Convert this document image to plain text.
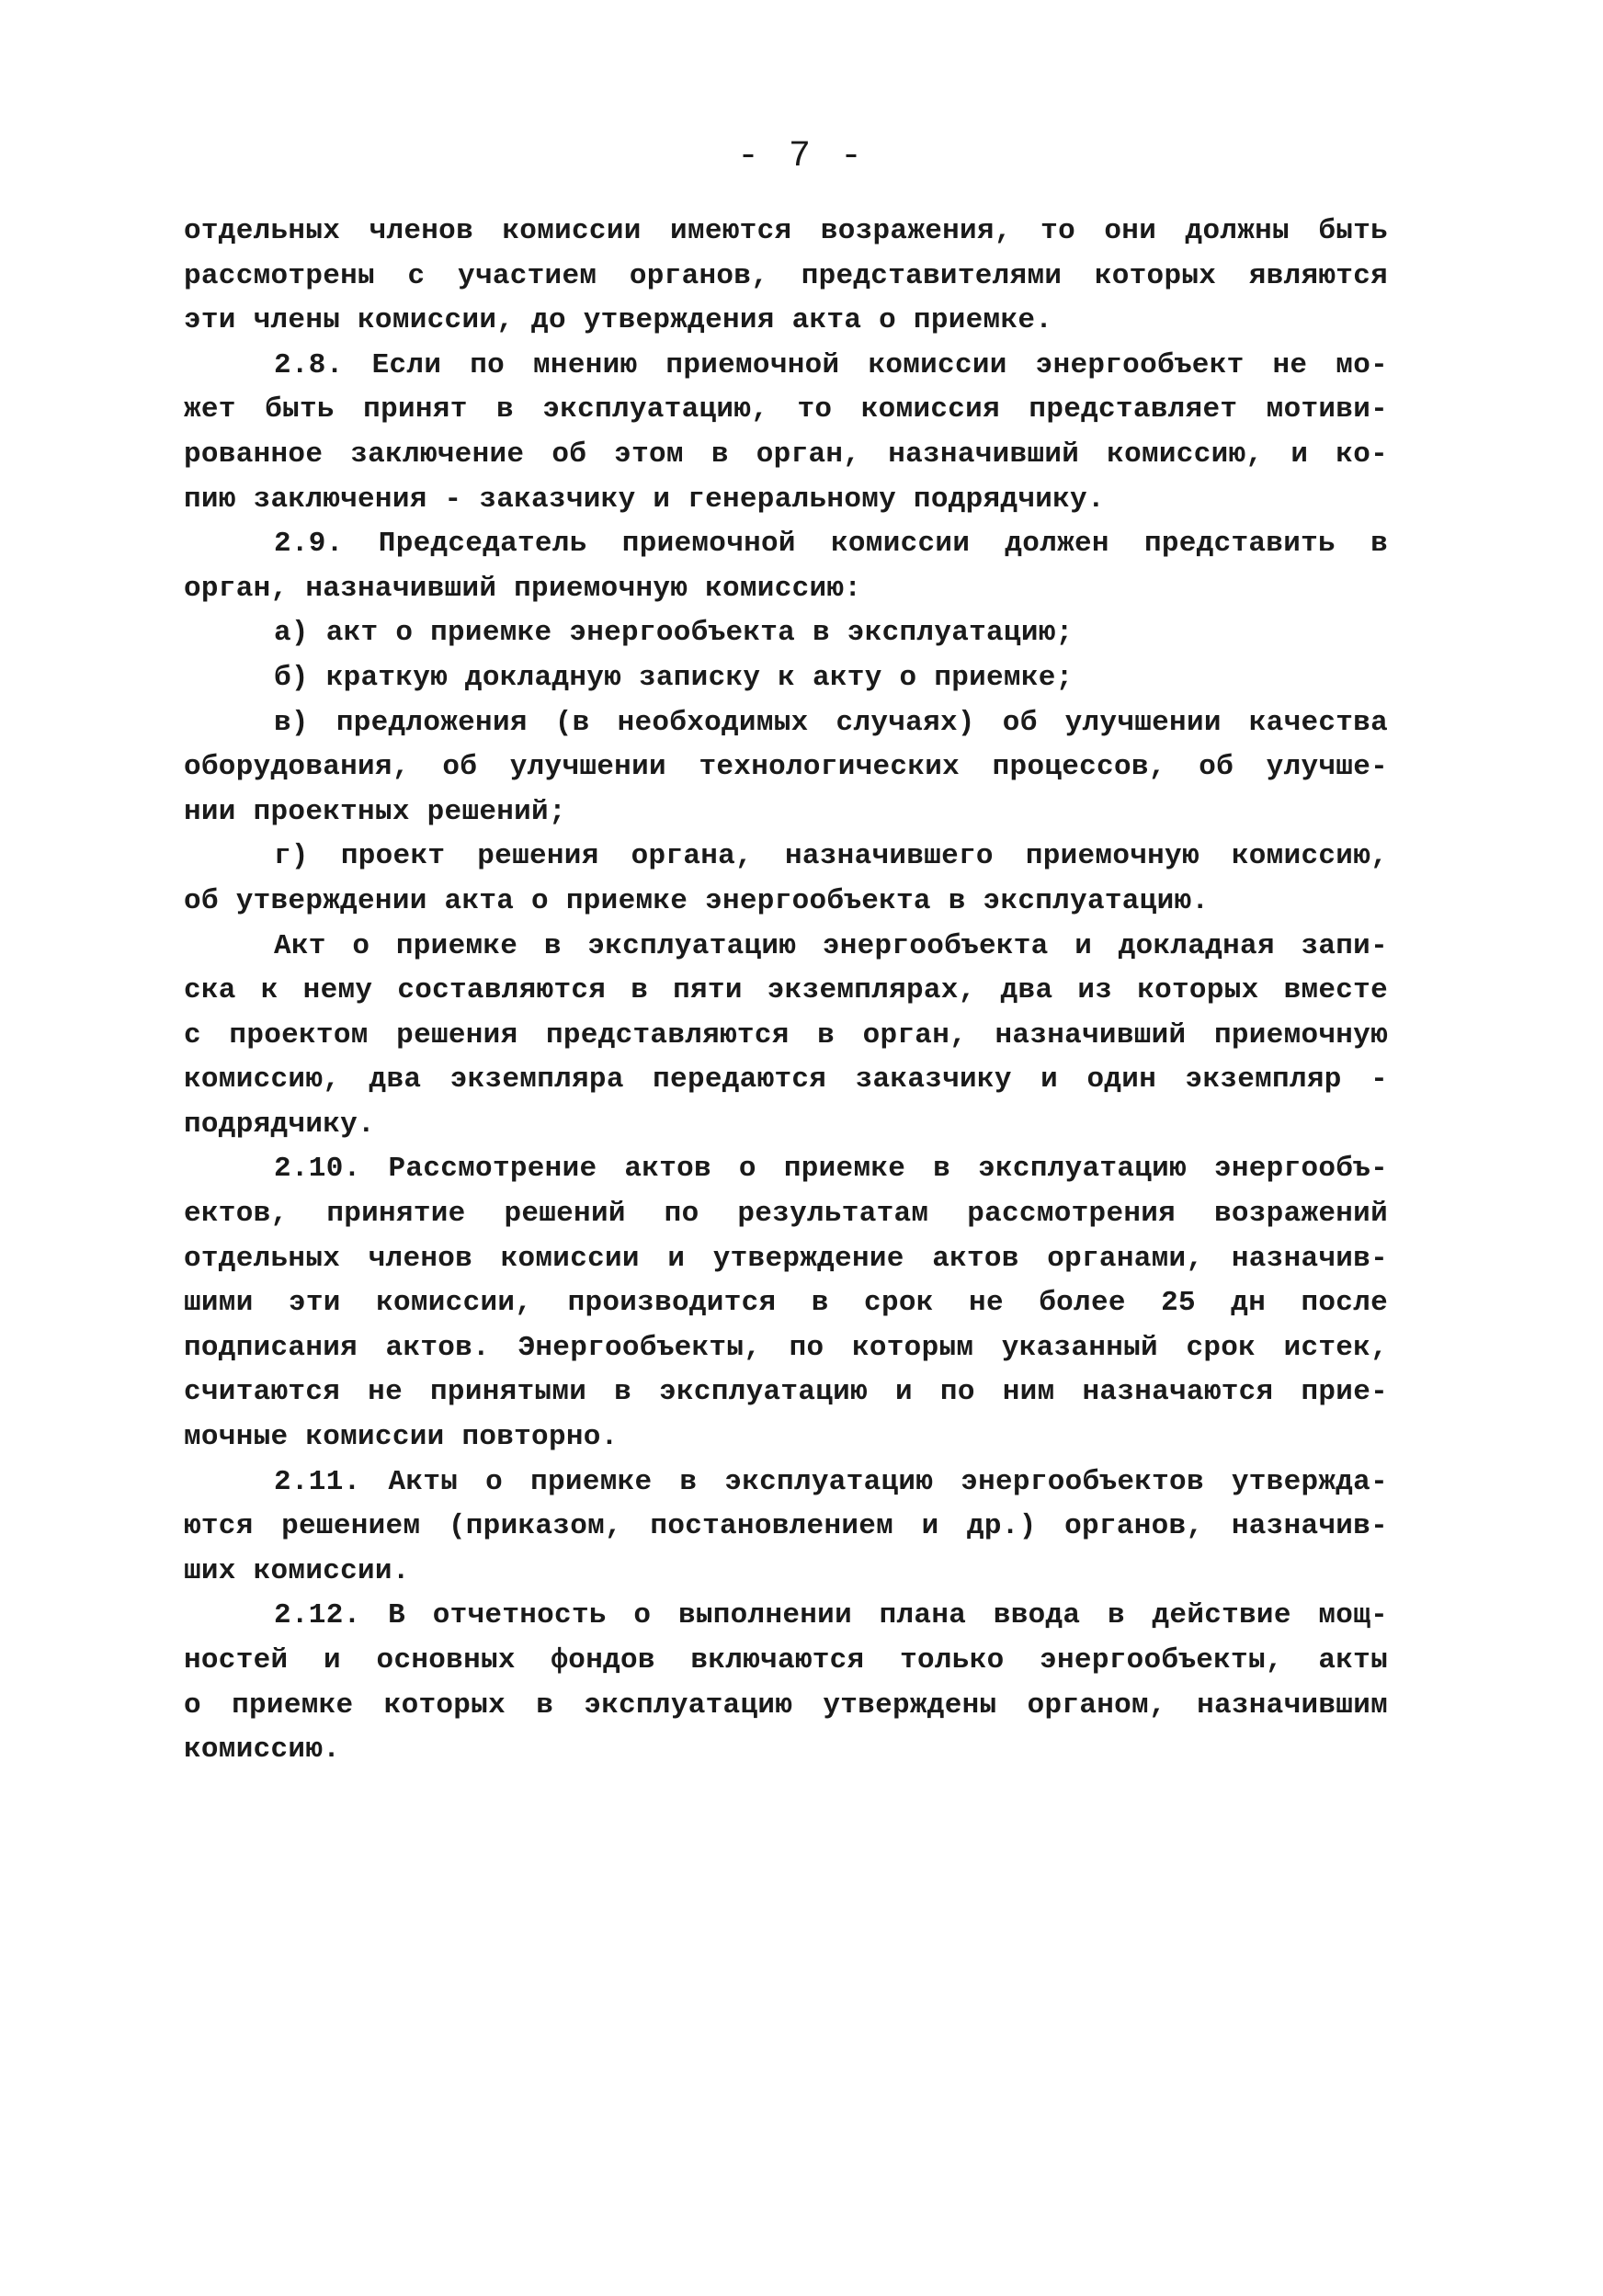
- 7 -
отдельных членов комиссии имеются возражения, то они должны быть
рассмотрены с участием органов, представителями которых являются
эти члены комиссии, до утверждения акта о приемке.
2.8. Если по мнению приемочной комиссии энергообъект не мо-
жет быть принят в эксплуатацию, то комиссия представляет мотиви-
рованное заключение об этом в орган, назначивший комиссию, и ко-
пию заключения - заказчику и генеральному подрядчику.
2.9. Председатель приемочной комиссии должен представить в
орган, назначивший приемочную комиссию:
а) акт о приемке энергообъекта в эксплуатацию;
б) краткую докладную записку к акту о приемке;
в) предложения (в необходимых случаях) об улучшении качества
оборудования, об улучшении технологических процессов, об улучше-
нии проектных решений;
г) проект решения органа, назначившего приемочную комиссию,
об утверждении акта о приемке энергообъекта в эксплуатацию.
Акт о приемке в эксплуатацию энергообъекта и докладная запи-
ска к нему составляются в пяти экземплярах, два из которых вместе
с проектом решения представляются в орган, назначивший приемочную
комиссию, два экземпляра передаются заказчику и один экземпляр -
подрядчику.
2.10. Рассмотрение актов о приемке в эксплуатацию энергообъ-
ектов, принятие решений по результатам рассмотрения возражений
отдельных членов комиссии и утверждение актов органами, назначив-
шими эти комиссии, производится в срок не более 25 дн после
подписания актов. Энергообъекты, по которым указанный срок истек,
считаются не принятыми в эксплуатацию и по ним назначаются прие-
мочные комиссии повторно.
2.11. Акты о приемке в эксплуатацию энергообъектов утвержда-
ются решением (приказом, постановлением и др.) органов, назначив-
ших комиссии.
2.12. В отчетность о выполнении плана ввода в действие мощ-
ностей и основных фондов включаются только энергообъекты, акты
о приемке которых в эксплуатацию утверждены органом, назначившим
комиссию.
